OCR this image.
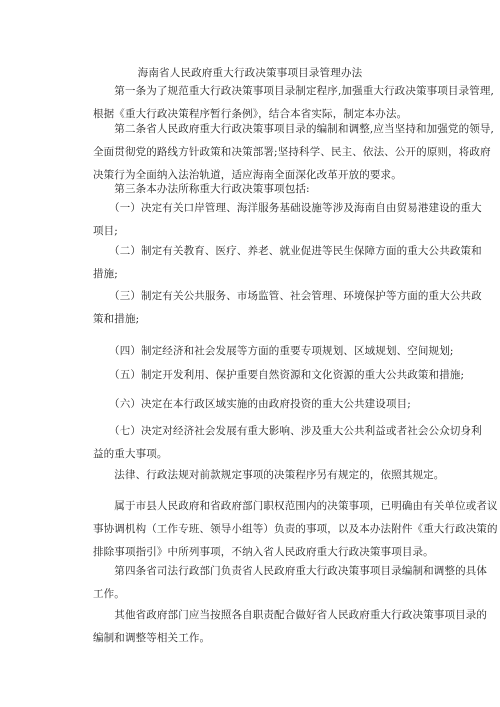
海南省人民政府重大行政决策事项目录管理办法

　　第一条为了规范重大行政决策事项目录制定程序,加强重大行政决策事项目录管理,
根据《重大行政决策程序暂行条例》，结合本省实际，制定本办法。

　　第二条省人民政府重大行政决策事项目录的编制和调整,应当坚持和加强党的领导,
全面贯彻党的路线方针政策和决策部署;坚持科学、民主、依法、公开的原则，将政府
决策行为全面纳入法治轨道，适应海南全面深化改革开放的要求。

　　第三条本办法所称重大行政决策事项包括:

　　（一）决定有关口岸管理、海洋服务基础设施等涉及海南自由贸易港建设的重大
项目;

　　（二）制定有关教育、医疗、养老、就业促进等民生保障方面的重大公共政策和
措施;

　　（三）制定有关公共服务、市场监管、社会管理、环境保护等方面的重大公共政
策和措施;

　　（四）制定经济和社会发展等方面的重要专项规划、区域规划、空间规划;

　　（五）制定开发利用、保护重要自然资源和文化资源的重大公共政策和措施;

　　（六）决定在本行政区域实施的由政府投资的重大公共建设项目;

　　（七）决定对经济社会发展有重大影响、涉及重大公共利益或者社会公众切身利
益的重大事项。

　　法律、行政法规对前款规定事项的决策程序另有规定的，依照其规定。

　　属于市县人民政府和省政府部门职权范围内的决策事项，已明确由有关单位或者议
事协调机构（工作专班、领导小组等）负责的事项，以及本办法附件《重大行政决策的
排除事项指引》中所列事项，不纳入省人民政府重大行政决策事项目录。

　　第四条省司法行政部门负责省人民政府重大行政决策事项目录编制和调整的具体
工作。

　　其他省政府部门应当按照各自职责配合做好省人民政府重大行政决策事项目录的
编制和调整等相关工作。
